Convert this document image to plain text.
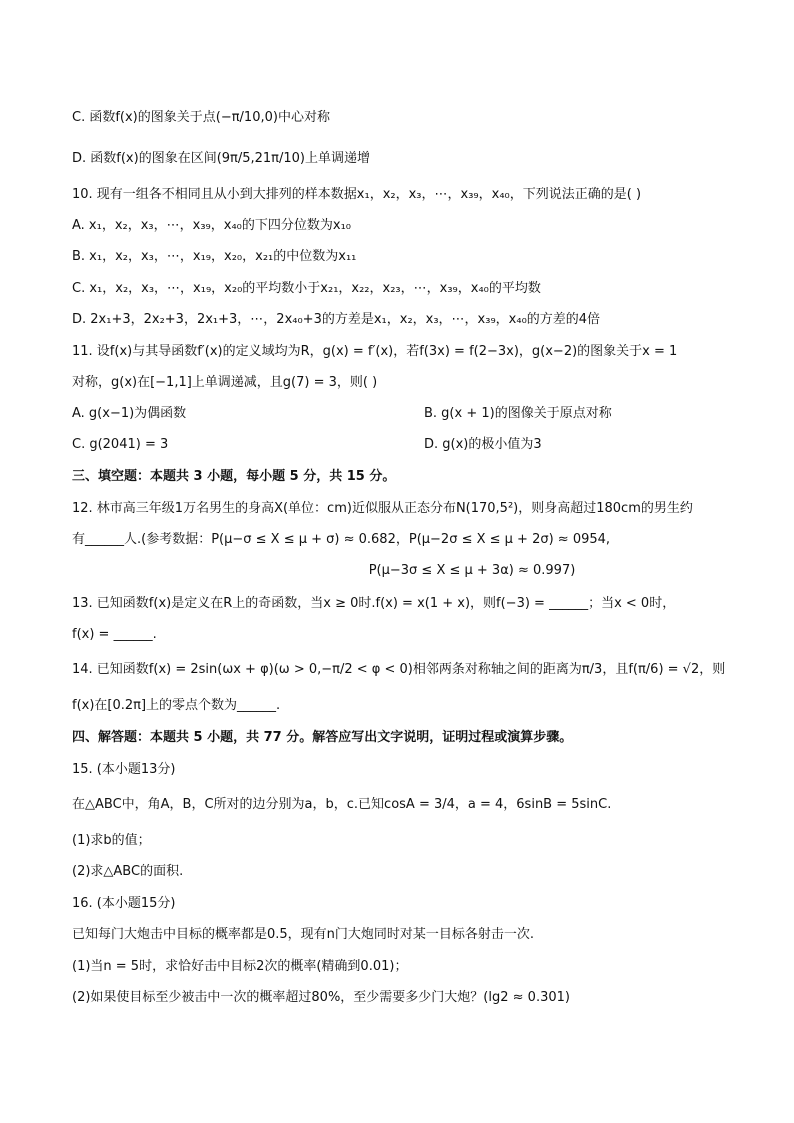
C. 函数f(x)的图象关于点(−π/10,0)中心对称
D. 函数f(x)的图象在区间(9π/5,21π/10)上单调递增
10. 现有一组各不相同且从小到大排列的样本数据x₁，x₂，x₃，⋯，x₃₉，x₄₀，下列说法正确的是( )
A. x₁，x₂，x₃，⋯，x₃₉，x₄₀的下四分位数为x₁₀
B. x₁，x₂，x₃，⋯，x₁₉，x₂₀，x₂₁的中位数为x₁₁
C. x₁，x₂，x₃，⋯，x₁₉，x₂₀的平均数小于x₂₁，x₂₂，x₂₃，⋯，x₃₉，x₄₀的平均数
D. 2x₁+3，2x₂+3，2x₁+3，⋯，2x₄₀+3的方差是x₁，x₂，x₃，⋯，x₃₉，x₄₀的方差的4倍
11. 设f(x)与其导函数f′(x)的定义域均为R，g(x) = f′(x)，若f(3x) = f(2−3x)，g(x−2)的图象关于x = 1
对称，g(x)在[−1,1]上单调递减，且g(7) = 3，则( )
A. g(x−1)为偶函数	B. g(x + 1)的图像关于原点对称
C. g(2041) = 3	D. g(x)的极小值为3
三、填空题：本题共 3 小题，每小题 5 分，共 15 分。
12. 林市高三年级1万名男生的身高X(单位：cm)近似服从正态分布N(170,5²)，则身高超过180cm的男生约
有______人.(参考数据：P(μ−σ ≤ X ≤ μ + σ) ≈ 0.682，P(μ−2σ ≤ X ≤ μ + 2σ) ≈ 0954,
P(μ−3σ ≤ X ≤ μ + 3α) ≈ 0.997)
13. 已知函数f(x)是定义在R上的奇函数，当x ≥ 0时.f(x) = x(1 + x)，则f(−3) = ______；当x < 0时，
f(x) = ______.
14. 已知函数f(x) = 2sin(ωx + φ)(ω > 0,−π/2 < φ < 0)相邻两条对称轴之间的距离为π/3，且f(π/6) = √2，则
f(x)在[0.2π]上的零点个数为______.
四、解答题：本题共 5 小题，共 77 分。解答应写出文字说明，证明过程或演算步骤。
15. (本小题13分)
在△ABC中，角A，B，C所对的边分别为a，b，c.已知cosA = 3/4，a = 4，6sinB = 5sinC.
(1)求b的值；
(2)求△ABC的面积.
16. (本小题15分)
已知每门大炮击中目标的概率都是0.5，现有n门大炮同时对某一目标各射击一次.
(1)当n = 5时，求恰好击中目标2次的概率(精确到0.01)；
(2)如果使目标至少被击中一次的概率超过80%，至少需要多少门大炮？(lg2 ≈ 0.301)
